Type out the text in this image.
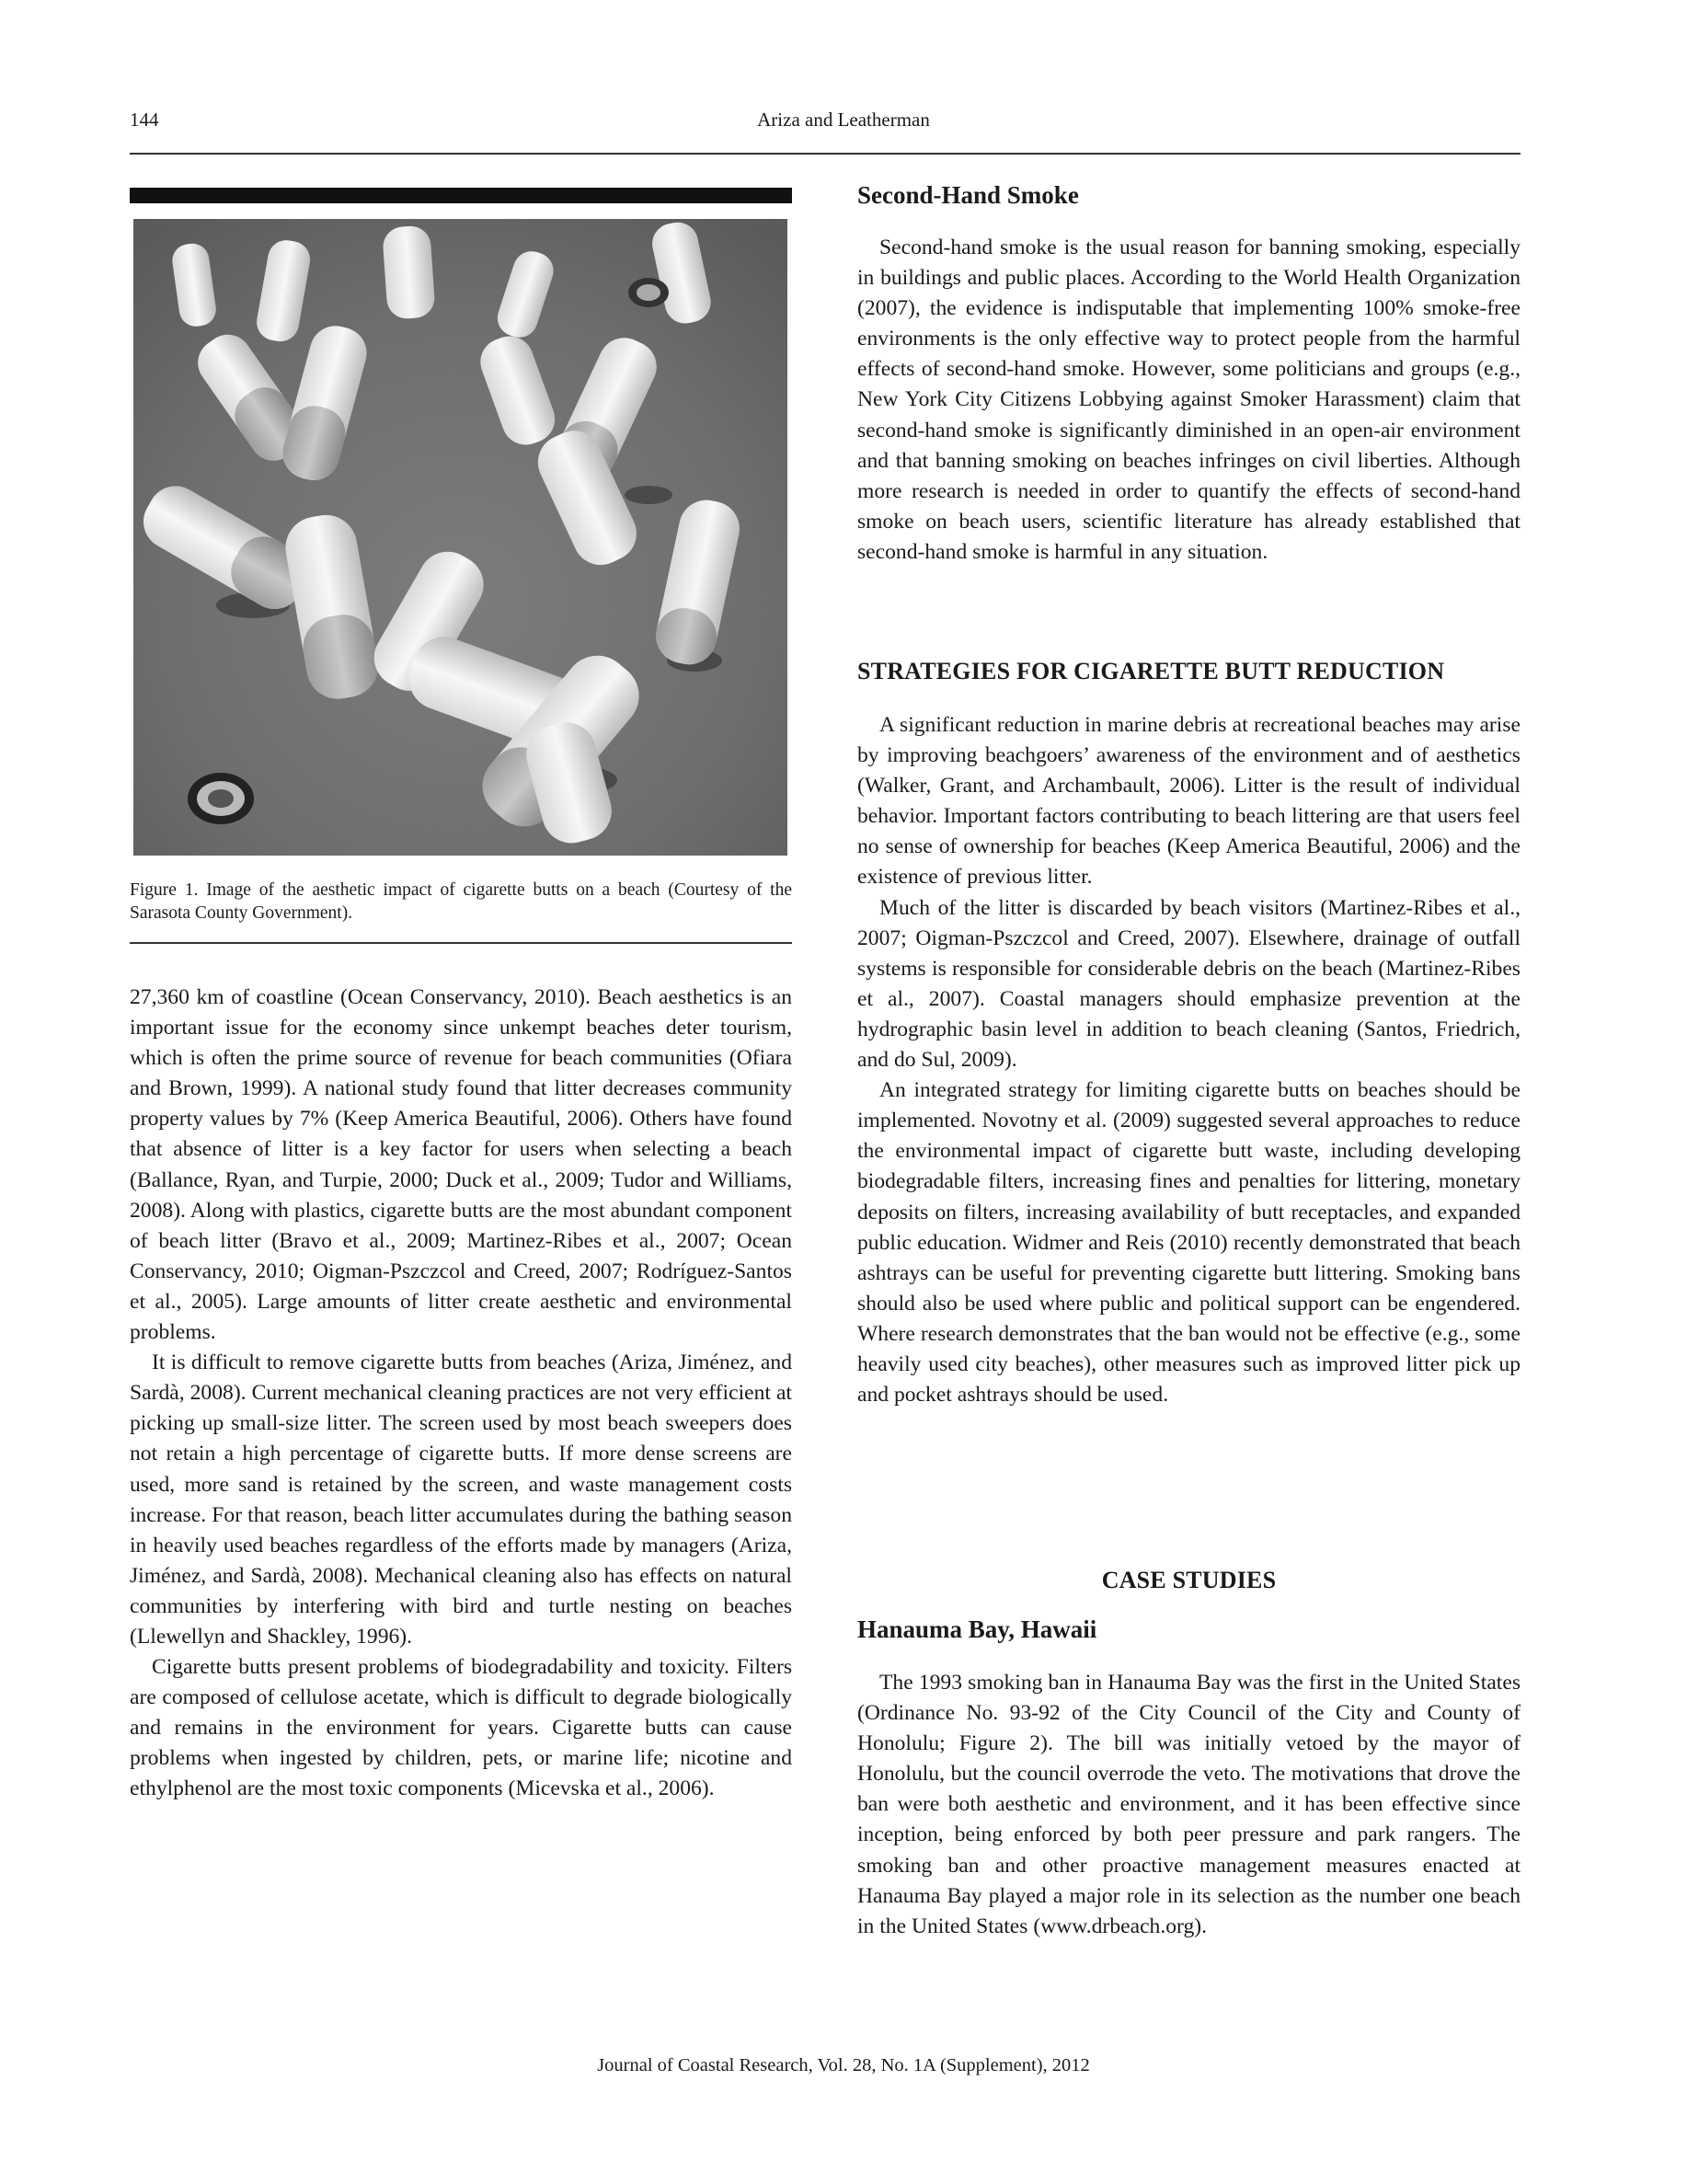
144	Ariza and Leatherman
Figure 1. Image of the aesthetic impact of cigarette butts on a beach (Courtesy of the Sarasota County Government).

27,360 km of coastline (Ocean Conservancy, 2010). Beach aesthetics is an important issue for the economy since unkempt beaches deter tourism, which is often the prime source of revenue for beach communities (Ofiara and Brown, 1999). A national study found that litter decreases community property values by 7% (Keep America Beautiful, 2006). Others have found that absence of litter is a key factor for users when selecting a beach (Ballance, Ryan, and Turpie, 2000; Duck et al., 2009; Tudor and Williams, 2008). Along with plastics, cigarette butts are the most abundant component of beach litter (Bravo et al., 2009; Martinez-Ribes et al., 2007; Ocean Conservancy, 2010; Oigman-Pszczcol and Creed, 2007; Rodríguez-Santos et al., 2005). Large amounts of litter create aesthetic and environmental problems.

It is difficult to remove cigarette butts from beaches (Ariza, Jiménez, and Sardà, 2008). Current mechanical cleaning practices are not very efficient at picking up small-size litter. The screen used by most beach sweepers does not retain a high percentage of cigarette butts. If more dense screens are used, more sand is retained by the screen, and waste management costs increase. For that reason, beach litter accumulates during the bathing season in heavily used beaches regardless of the efforts made by managers (Ariza, Jiménez, and Sardà, 2008). Mechanical cleaning also has effects on natural communities by interfering with bird and turtle nesting on beaches (Llewellyn and Shackley, 1996).

Cigarette butts present problems of biodegradability and toxicity. Filters are composed of cellulose acetate, which is difficult to degrade biologically and remains in the environment for years. Cigarette butts can cause problems when ingested by children, pets, or marine life; nicotine and ethylphenol are the most toxic components (Micevska et al., 2006).

Second-Hand Smoke

Second-hand smoke is the usual reason for banning smoking, especially in buildings and public places. According to the World Health Organization (2007), the evidence is indisputable that implementing 100% smoke-free environments is the only effective way to protect people from the harmful effects of second-hand smoke. However, some politicians and groups (e.g., New York City Citizens Lobbying against Smoker Harassment) claim that second-hand smoke is significantly diminished in an open-air environment and that banning smoking on beaches infringes on civil liberties. Although more research is needed in order to quantify the effects of second-hand smoke on beach users, scientific literature has already established that second-hand smoke is harmful in any situation.

STRATEGIES FOR CIGARETTE BUTT REDUCTION

A significant reduction in marine debris at recreational beaches may arise by improving beachgoers’ awareness of the environment and of aesthetics (Walker, Grant, and Archambault, 2006). Litter is the result of individual behavior. Important factors contributing to beach littering are that users feel no sense of ownership for beaches (Keep America Beautiful, 2006) and the existence of previous litter.

Much of the litter is discarded by beach visitors (Martinez-Ribes et al., 2007; Oigman-Pszczcol and Creed, 2007). Elsewhere, drainage of outfall systems is responsible for considerable debris on the beach (Martinez-Ribes et al., 2007). Coastal managers should emphasize prevention at the hydrographic basin level in addition to beach cleaning (Santos, Friedrich, and do Sul, 2009).

An integrated strategy for limiting cigarette butts on beaches should be implemented. Novotny et al. (2009) suggested several approaches to reduce the environmental impact of cigarette butt waste, including developing biodegradable filters, increasing fines and penalties for littering, monetary deposits on filters, increasing availability of butt receptacles, and expanded public education. Widmer and Reis (2010) recently demonstrated that beach ashtrays can be useful for preventing cigarette butt littering. Smoking bans should also be used where public and political support can be engendered. Where research demonstrates that the ban would not be effective (e.g., some heavily used city beaches), other measures such as improved litter pick up and pocket ashtrays should be used.

CASE STUDIES
Hanauma Bay, Hawaii

The 1993 smoking ban in Hanauma Bay was the first in the United States (Ordinance No. 93-92 of the City Council of the City and County of Honolulu; Figure 2). The bill was initially vetoed by the mayor of Honolulu, but the council overrode the veto. The motivations that drove the ban were both aesthetic and environment, and it has been effective since inception, being enforced by both peer pressure and park rangers. The smoking ban and other proactive management measures enacted at Hanauma Bay played a major role in its selection as the number one beach in the United States (www.drbeach.org).

Journal of Coastal Research, Vol. 28, No. 1A (Supplement), 2012
